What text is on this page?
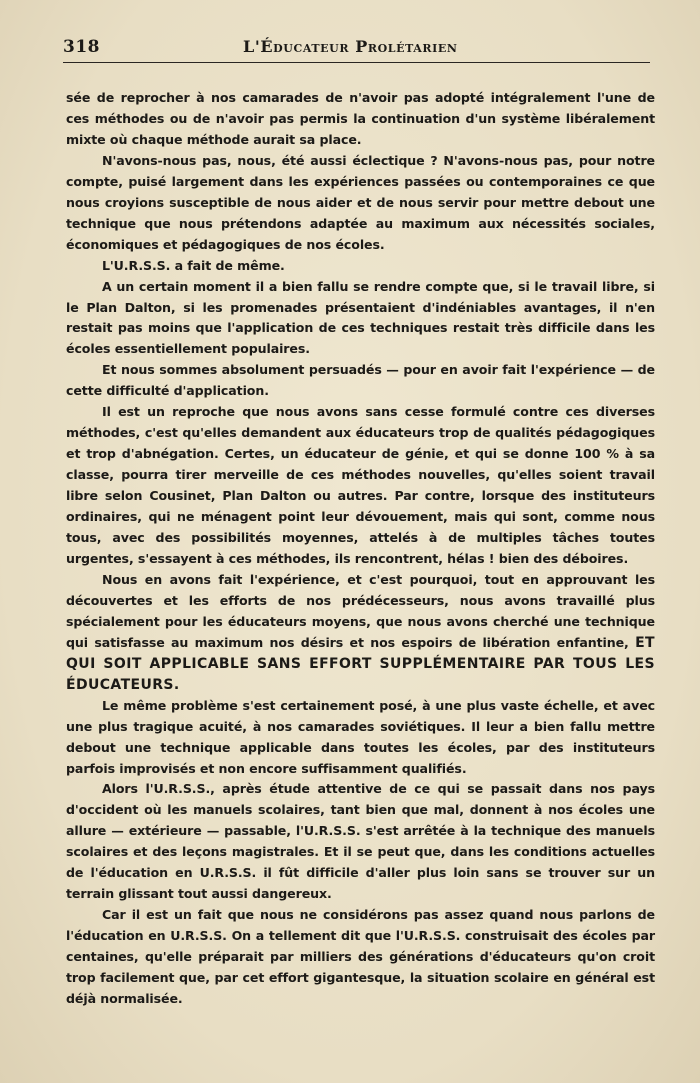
318	L'Éducateur Prolétarien

sée de reprocher à nos camarades de n'avoir pas adopté intégralement l'une de ces méthodes ou de n'avoir pas permis la continuation d'un système libéralement mixte où chaque méthode aurait sa place.

N'avons-nous pas, nous, été aussi éclectique ? N'avons-nous pas, pour notre compte, puisé largement dans les expériences passées ou contemporaines ce que nous croyions susceptible de nous aider et de nous servir pour mettre debout une technique que nous prétendons adaptée au maximum aux nécessités sociales, économiques et pédagogiques de nos écoles.

L'U.R.S.S. a fait de même.

A un certain moment il a bien fallu se rendre compte que, si le travail libre, si le Plan Dalton, si les promenades présentaient d'indéniables avantages, il n'en restait pas moins que l'application de ces techniques restait très difficile dans les écoles essentiellement populaires.

Et nous sommes absolument persuadés — pour en avoir fait l'expérience — de cette difficulté d'application.

Il est un reproche que nous avons sans cesse formulé contre ces diverses méthodes, c'est qu'elles demandent aux éducateurs trop de qualités pédagogiques et trop d'abnégation. Certes, un éducateur de génie, et qui se donne 100 % à sa classe, pourra tirer merveille de ces méthodes nouvelles, qu'elles soient travail libre selon Cousinet, Plan Dalton ou autres. Par contre, lorsque des instituteurs ordinaires, qui ne ménagent point leur dévouement, mais qui sont, comme nous tous, avec des possibilités moyennes, attelés à de multiples tâches toutes urgentes, s'essayent à ces méthodes, ils rencontrent, hélas ! bien des déboires.

Nous en avons fait l'expérience, et c'est pourquoi, tout en approuvant les découvertes et les efforts de nos prédécesseurs, nous avons travaillé plus spécialement pour les éducateurs moyens, que nous avons cherché une technique qui satisfasse au maximum nos désirs et nos espoirs de libération enfantine, ET QUI SOIT APPLICABLE SANS EFFORT SUPPLÉMENTAIRE PAR TOUS LES ÉDUCATEURS.

Le même problème s'est certainement posé, à une plus vaste échelle, et avec une plus tragique acuité, à nos camarades soviétiques. Il leur a bien fallu mettre debout une technique applicable dans toutes les écoles, par des instituteurs parfois improvisés et non encore suffisamment qualifiés.

Alors l'U.R.S.S., après étude attentive de ce qui se passait dans nos pays d'occident où les manuels scolaires, tant bien que mal, donnent à nos écoles une allure — extérieure — passable, l'U.R.S.S. s'est arrêtée à la technique des manuels scolaires et des leçons magistrales. Et il se peut que, dans les conditions actuelles de l'éducation en U.R.S.S. il fût difficile d'aller plus loin sans se trouver sur un terrain glissant tout aussi dangereux.

Car il est un fait que nous ne considérons pas assez quand nous parlons de l'éducation en U.R.S.S. On a tellement dit que l'U.R.S.S. construisait des écoles par centaines, qu'elle préparait par milliers des générations d'éducateurs qu'on croit trop facilement que, par cet effort gigantesque, la situation scolaire en général est déjà normalisée.
